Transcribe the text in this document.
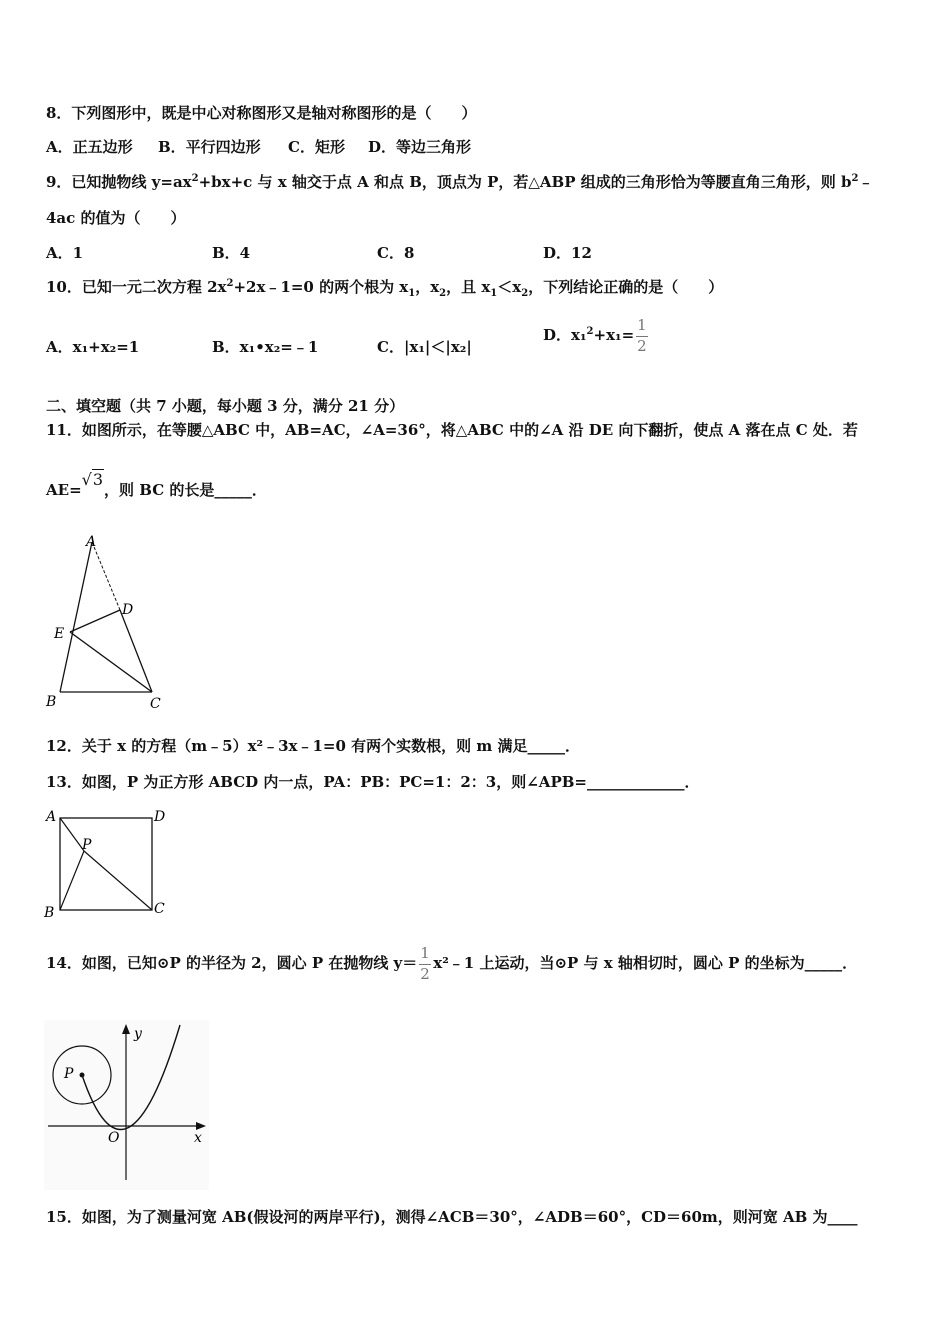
8．下列图形中，既是中心对称图形又是轴对称图形的是（　　）
A．正五边形 B．平行四边形 C．矩形 D．等边三角形
9．已知抛物线 $y=ax^2+bx+c$ 与 x 轴交于点 A 和点 B，顶点为 P，若△ABP 组成的三角形恰为等腰直角三角形，则 $b^2﹣$
4ac 的值为（　　）
A．1	B．4	C．8	D．12
10．已知一元二次方程 $2x^2+2x﹣1=0$ 的两个根为 $x_1$，$x_2$，且 $x_1<x_2$，下列结论正确的是（　　）
A．x₁+x₂=1	B．x₁•x₂=﹣1	C．|x₁|＜|x₂|
D．$x_1^2+x_1= \frac{1}{2}$
二、填空题（共 7 小题，每小题 3 分，满分 21 分）
11．如图所示，在等腰△ABC 中，AB=AC，∠A=36°，将△ABC 中的∠A 沿 DE 向下翻折，使点 A 落在点 C 处．若
AE=√3，则 BC 的长是_____．
A
D
E
B	C
12．关于 x 的方程（m﹣5）x²﹣3x﹣1=0 有两个实数根，则 m 满足_____．
13．如图，P 为正方形 ABCD 内一点，PA：PB：PC=1：2：3，则∠APB=_____________．
A	D
P
B	C
14．如图，已知⊙P 的半径为 2，圆心 P 在抛物线 $y= \frac{1}{2}$ x²﹣1 上运动，当⊙P 与 x 轴相切时，圆心 P 的坐标为_____．
y
P
O	x
15．如图，为了测量河宽 AB(假设河的两岸平行)，测得∠ACB＝30°，∠ADB＝60°，CD＝60m，则河宽 AB 为____
